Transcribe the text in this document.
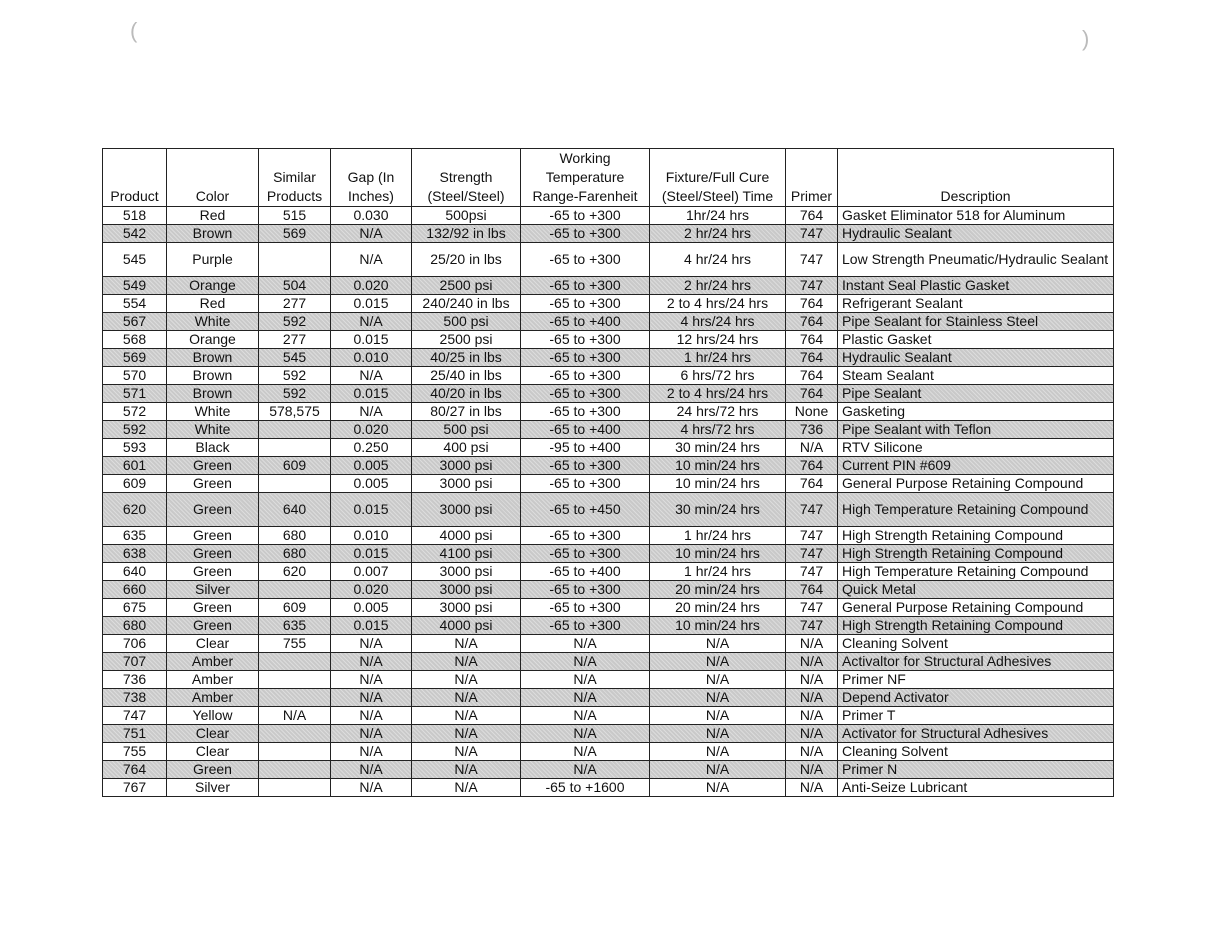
(	)
Product	Color	Similar Products	Gap (In Inches)	Strength (Steel/Steel)	Working Temperature Range-Farenheit	Fixture/Full Cure (Steel/Steel) Time	Primer	Description
518	Red	515	0.030	500psi	-65 to +300	1hr/24 hrs	764	Gasket Eliminator 518 for Aluminum
542	Brown	569	N/A	132/92 in lbs	-65 to +300	2 hr/24 hrs	747	Hydraulic Sealant
545	Purple		N/A	25/20 in lbs	-65 to +300	4 hr/24 hrs	747	Low Strength Pneumatic/Hydraulic Sealant
549	Orange	504	0.020	2500 psi	-65 to +300	2 hr/24 hrs	747	Instant Seal Plastic Gasket
554	Red	277	0.015	240/240 in lbs	-65 to +300	2 to 4 hrs/24 hrs	764	Refrigerant Sealant
567	White	592	N/A	500 psi	-65 to +400	4 hrs/24 hrs	764	Pipe Sealant for Stainless Steel
568	Orange	277	0.015	2500 psi	-65 to +300	12 hrs/24 hrs	764	Plastic Gasket
569	Brown	545	0.010	40/25 in lbs	-65 to +300	1 hr/24 hrs	764	Hydraulic Sealant
570	Brown	592	N/A	25/40 in lbs	-65 to +300	6 hrs/72 hrs	764	Steam Sealant
571	Brown	592	0.015	40/20 in lbs	-65 to +300	2 to 4 hrs/24 hrs	764	Pipe Sealant
572	White	578,575	N/A	80/27 in lbs	-65 to +300	24 hrs/72 hrs	None	Gasketing
592	White		0.020	500 psi	-65 to +400	4 hrs/72 hrs	736	Pipe Sealant with Teflon
593	Black		0.250	400 psi	-95 to +400	30 min/24 hrs	N/A	RTV Silicone
601	Green	609	0.005	3000 psi	-65 to +300	10 min/24 hrs	764	Current PIN #609
609	Green		0.005	3000 psi	-65 to +300	10 min/24 hrs	764	General Purpose Retaining Compound
620	Green	640	0.015	3000 psi	-65 to +450	30 min/24 hrs	747	High Temperature Retaining Compound
635	Green	680	0.010	4000 psi	-65 to +300	1 hr/24 hrs	747	High Strength Retaining Compound
638	Green	680	0.015	4100 psi	-65 to +300	10 min/24 hrs	747	High Strength Retaining Compound
640	Green	620	0.007	3000 psi	-65 to +400	1 hr/24 hrs	747	High Temperature Retaining Compound
660	Silver		0.020	3000 psi	-65 to +300	20 min/24 hrs	764	Quick Metal
675	Green	609	0.005	3000 psi	-65 to +300	20 min/24 hrs	747	General Purpose Retaining Compound
680	Green	635	0.015	4000 psi	-65 to +300	10 min/24 hrs	747	High Strength Retaining Compound
706	Clear	755	N/A	N/A	N/A	N/A	N/A	Cleaning Solvent
707	Amber		N/A	N/A	N/A	N/A	N/A	Activaltor for Structural Adhesives
736	Amber		N/A	N/A	N/A	N/A	N/A	Primer NF
738	Amber		N/A	N/A	N/A	N/A	N/A	Depend Activator
747	Yellow	N/A	N/A	N/A	N/A	N/A	N/A	Primer T
751	Clear		N/A	N/A	N/A	N/A	N/A	Activator for Structural Adhesives
755	Clear		N/A	N/A	N/A	N/A	N/A	Cleaning Solvent
764	Green		N/A	N/A	N/A	N/A	N/A	Primer N
767	Silver		N/A	N/A	-65 to +1600	N/A	N/A	Anti-Seize Lubricant
